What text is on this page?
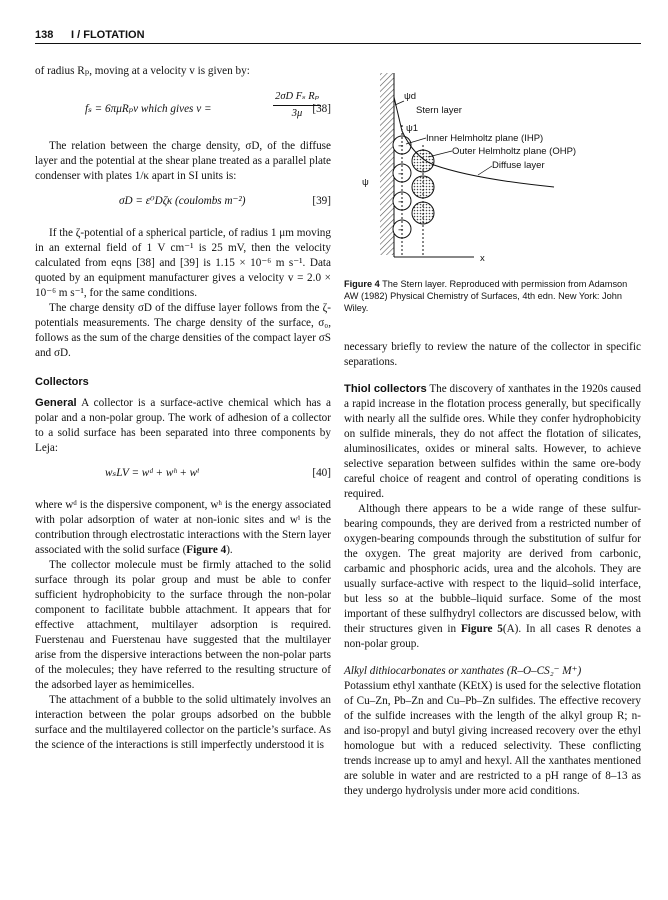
138 I / FLOTATION

of radius Rₚ, moving at a velocity v is given by:

fₛ = 6πμRₚv which gives v =	$\frac{\text{2σD Fₛ Rₚ}}{3\mu}$
[38]

The relation between the charge density, σD, of the diffuse layer and the potential at the shear plane treated as a parallel plate condenser with plates 1/κ apart in SI units is:

σD = ε⁰Dζκ (coulombs m⁻²)	[39]

If the ζ-potential of a spherical particle, of radius 1 μm moving in an external field of 1 V cm⁻¹ is 25 mV, then the velocity calculated from eqns [38] and [39] is 1.15 × 10⁻⁶ m s⁻¹. Data quoted by an equipment manufacturer gives a velocity v = 2.0 × 10⁻⁶ m s⁻¹, for the same conditions.

The charge density σD of the diffuse layer follows from the ζ-potentials measurements. The charge density of the surface, σ₀, follows as the sum of the charge densities of the compact layer σS and σD.

Collectors

General A collector is a surface-active chemical which has a polar and a non-polar group. The work of adhesion of a collector to a solid surface has been separated into three components by Leja:

wₛLV = wᵈ + wʰ + wⁱ	[40]

where wᵈ is the dispersive component, wʰ is the energy associated with polar adsorption of water at non-ionic sites and wⁱ is the contribution through electrostatic interactions with the Stern layer associated with the solid surface (Figure 4).

The collector molecule must be firmly attached to the solid surface through its polar group and must be able to confer sufficient hydrophobicity to the surface through the non-polar component to facilitate bubble attachment. It appears that for effective attachment, multilayer adsorption is required. Fuerstenau and Fuerstenau have suggested that the multilayer arise from the dispersive interactions between the non-polar parts of the molecules; they have referred to the resulting structure of the adsorbed layer as hemimicelles.

The attachment of a bubble to the solid ultimately involves an interaction between the polar groups adsorbed on the bubble surface and the multilayered collector on the particle’s surface. As the science of the interactions is still imperfectly understood it is

x
ψ
−
−
−
−
ψd
Stern layer
ψ1
Inner Helmholtz plane (IHP)
Outer Helmholtz plane (OHP)
Diffuse layer
Figure 4 The Stern layer. Reproduced with permission from Adamson AW (1982) Physical Chemistry of Surfaces, 4th edn. New York: John Wiley.

necessary briefly to review the nature of the collector in specific separations.

Thiol collectors The discovery of xanthates in the 1920s caused a rapid increase in the flotation process generally, but specifically with nearly all the sulfide ores. While they confer hydrophobicity on sulfide minerals, they do not affect the flotation of silicates, aluminosilicates, oxides or mineral salts. However, to achieve selective separation between sulfides within the same ore-body careful choice of reagent and control of operating conditions is required.

Although there appears to be a wide range of these sulfur-bearing compounds, they are derived from a restricted number of oxygen-bearing compounds through the substitution of sulfur for the oxygen. The great majority are derived from carbonic, carbamic and phosphoric acids, urea and the alcohols. They are usually surface-active with respect to the liquid–solid interface, but less so at the bubble–liquid surface. Some of the most important of these sulfhydryl collectors are discussed below, with their structures given in Figure 5(A). In all cases R denotes a non-polar group.

Alkyl dithiocarbonates or xanthates (R–O–CS₂⁻ M⁺)

Potassium ethyl xanthate (KEtX) is used for the selective flotation of Cu–Zn, Pb–Zn and Cu–Pb–Zn sulfides. The effective recovery of the sulfide increases with the length of the alkyl group R; n- and iso-propyl and butyl giving increased recovery over the ethyl homologue but with a reduced selectivity. These conflicting trends increase up to amyl and hexyl. All the xanthates mentioned are soluble in water and are restricted to a pH range of 8–13 as they undergo hydrolysis under more acid conditions.
